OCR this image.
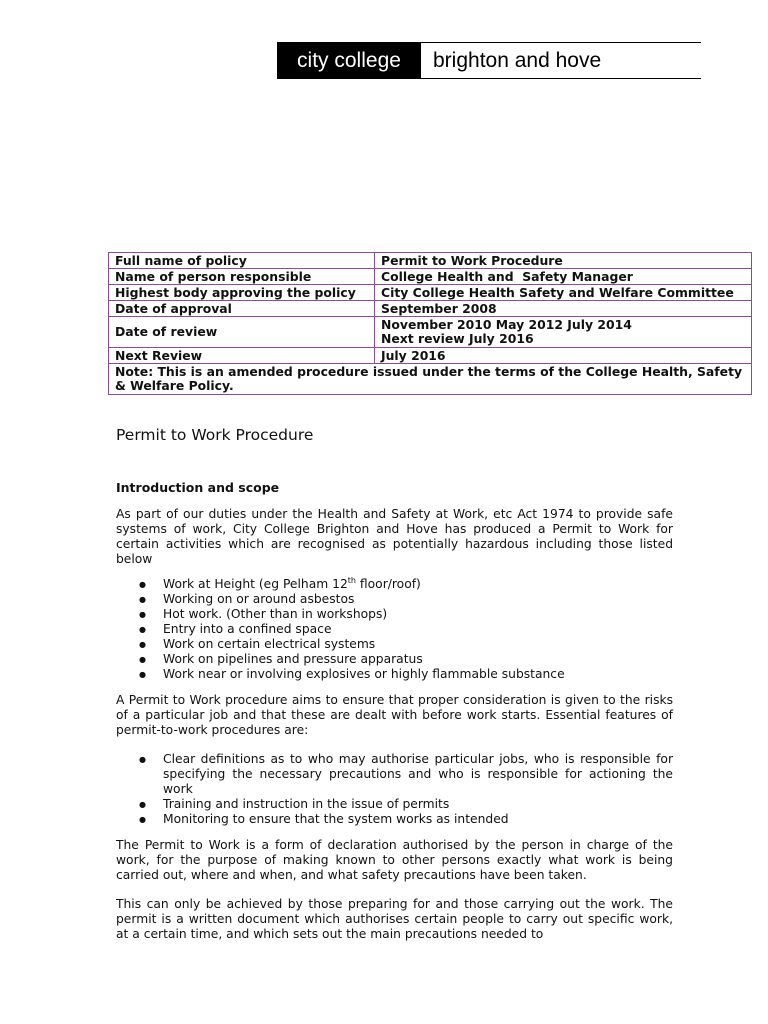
city college	brighton and hove
Full name of policy	Permit to Work Procedure
Name of person responsible	College Health and  Safety Manager
Highest body approving the policy	City College Health Safety and Welfare Committee
Date of approval	September 2008
Date of review	November 2010 May 2012 July 2014
Next review July 2016

Next Review	July 2016
Note: This is an amended procedure issued under the terms of the College Health, Safety & Welfare Policy.	
Permit to Work Procedure
Introduction and scope
As part of our duties under the Health and Safety at Work, etc Act 1974 to provide safe systems of work, City College Brighton and Hove has produced a Permit to Work for certain activities which are recognised as potentially hazardous including those listed below
● Work at Height (eg Pelham 12th floor/roof)
● Working on or around asbestos
● Hot work. (Other than in workshops)
● Entry into a confined space
● Work on certain electrical systems
● Work on pipelines and pressure apparatus
● Work near or involving explosives or highly flammable substance
A Permit to Work procedure aims to ensure that proper consideration is given to the risks of a particular job and that these are dealt with before work starts. Essential features of permit-to-work procedures are:
● Clear definitions as to who may authorise particular jobs, who is responsible for specifying the necessary precautions and who is responsible for actioning the work
● Training and instruction in the issue of permits
● Monitoring to ensure that the system works as intended
The Permit to Work is a form of declaration authorised by the person in charge of the work, for the purpose of making known to other persons exactly what work is being carried out, where and when, and what safety precautions have been taken.
This can only be achieved by those preparing for and those carrying out the work. The permit is a written document which authorises certain people to carry out specific work, at a certain time, and which sets out the main precautions needed to
